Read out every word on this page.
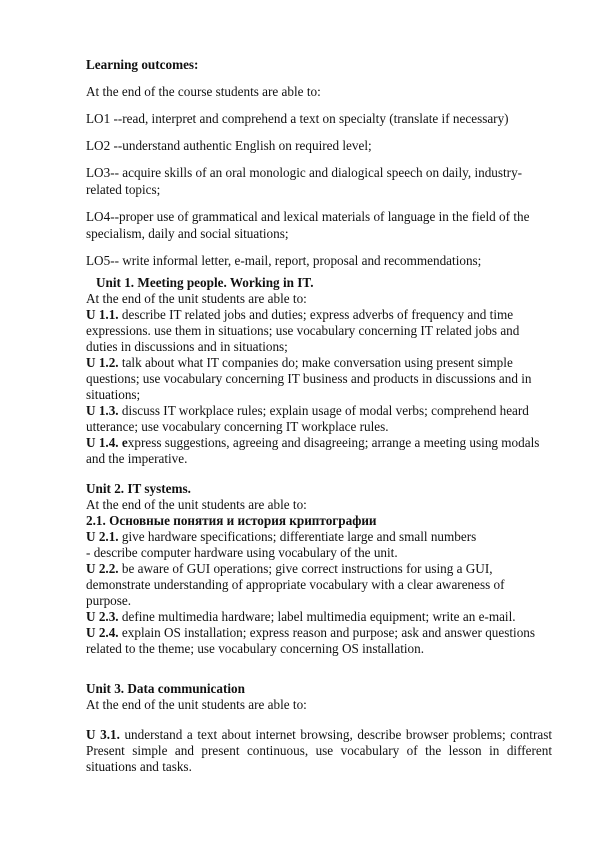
Learning outcomes:

At the end of the course students are able to:

LO1 --read, interpret and comprehend a text on specialty (translate if necessary)

LO2 --understand authentic English on required level;

LO3-- acquire skills of an oral monologic and dialogical speech on daily, industry-related topics;

LO4--proper use of grammatical and lexical materials of language in the field of the specialism, daily and social situations;

LO5-- write informal letter, e-mail, report, proposal and recommendations;

Unit 1. Meeting people. Working in IT.

At the end of the unit students are able to:

U 1.1. describe IT related jobs and duties; express adverbs of frequency and time expressions. use them in situations; use vocabulary concerning IT related jobs and duties in discussions and in situations;

U 1.2. talk about what IT companies do; make conversation using present simple questions; use vocabulary concerning IT business and products in discussions and in situations;

U 1.3. discuss IT workplace rules; explain usage of modal verbs; comprehend heard utterance; use vocabulary concerning IT workplace rules.

U 1.4. express suggestions, agreeing and disagreeing; arrange a meeting using modals and the imperative.

Unit 2. IT systems.

At the end of the unit students are able to:

2.1. Основные понятия и история криптографии

U 2.1. give hardware specifications; differentiate large and small numbers

- describe computer hardware using vocabulary of the unit.

U 2.2. be aware of GUI operations; give correct instructions for using a GUI, demonstrate understanding of appropriate vocabulary with a clear awareness of purpose.

U 2.3. define multimedia hardware; label multimedia equipment; write an e-mail.

U 2.4. explain OS installation; express reason and purpose; ask and answer questions related to the theme; use vocabulary concerning OS installation.

Unit 3. Data communication

At the end of the unit students are able to:

U 3.1. understand a text about internet browsing, describe browser problems; contrast Present simple and present continuous, use vocabulary of the lesson in different situations and tasks.
